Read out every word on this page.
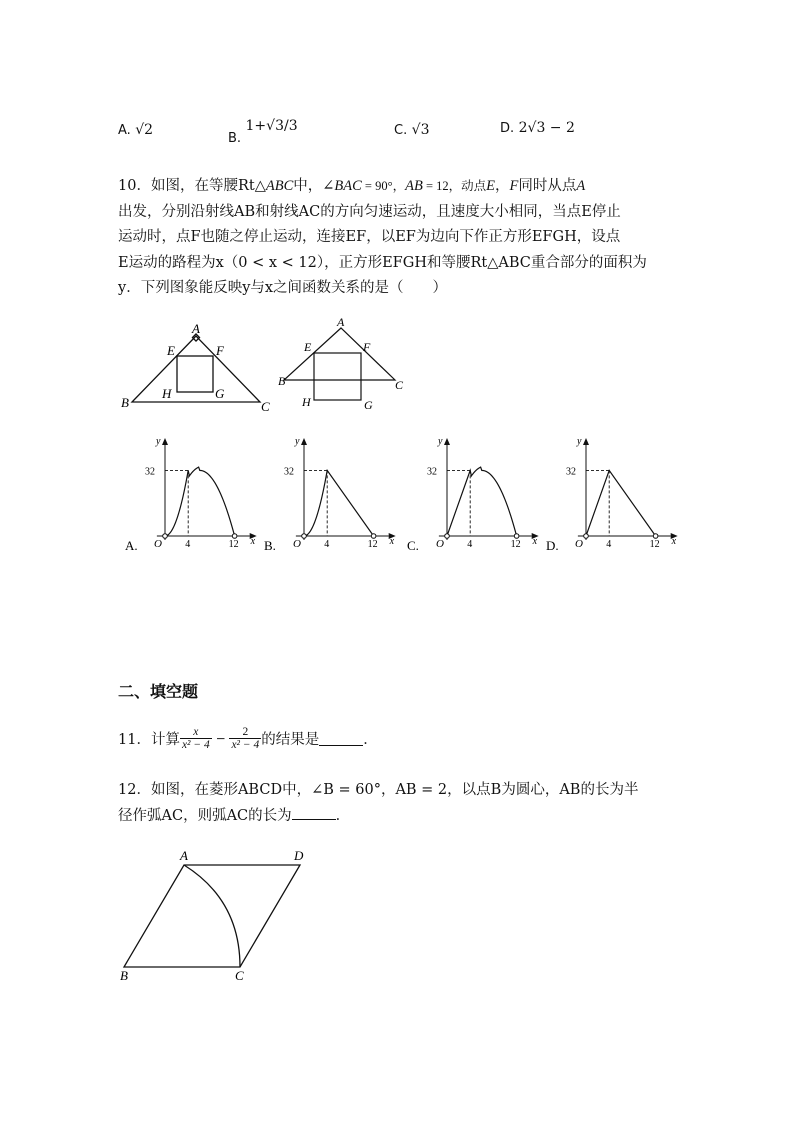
A. √2
B. 1+√3/3	C. √3	D. 2√3 − 2
10．如图，在等腰Rt△ABC中，∠BAC = 90°，AB = 12，动点E，F同时从点A
出发，分别沿射线AB和射线AC的方向匀速运动，且速度大小相同，当点E停止
运动时，点F也随之停止运动，连接EF，以EF为边向下作正方形EFGH，设点
E运动的路程为x（0 < x < 12），正方形EFGH和等腰Rt△ABC重合部分的面积为
y．下列图象能反映y与x之间函数关系的是（　　）
A
E	F
H	G
B	C
A
E	F
B	C
H	G
y
32
O 4	12 x
A.
y
32
O 4	12 x
B.
y
32
O 4	12 x
C.
y
32
O 4	12 x
D.
二、填空题
11．计算 $\frac{x}{\text{x² − 4}} - \frac{2}{\text{x² − 4}}$ 的结果是	．
12．如图，在菱形ABCD中，∠B = 60°，AB = 2，以点B为圆心，AB的长为半
径作弧AC，则弧AC的长为	．
A	D
B	C
